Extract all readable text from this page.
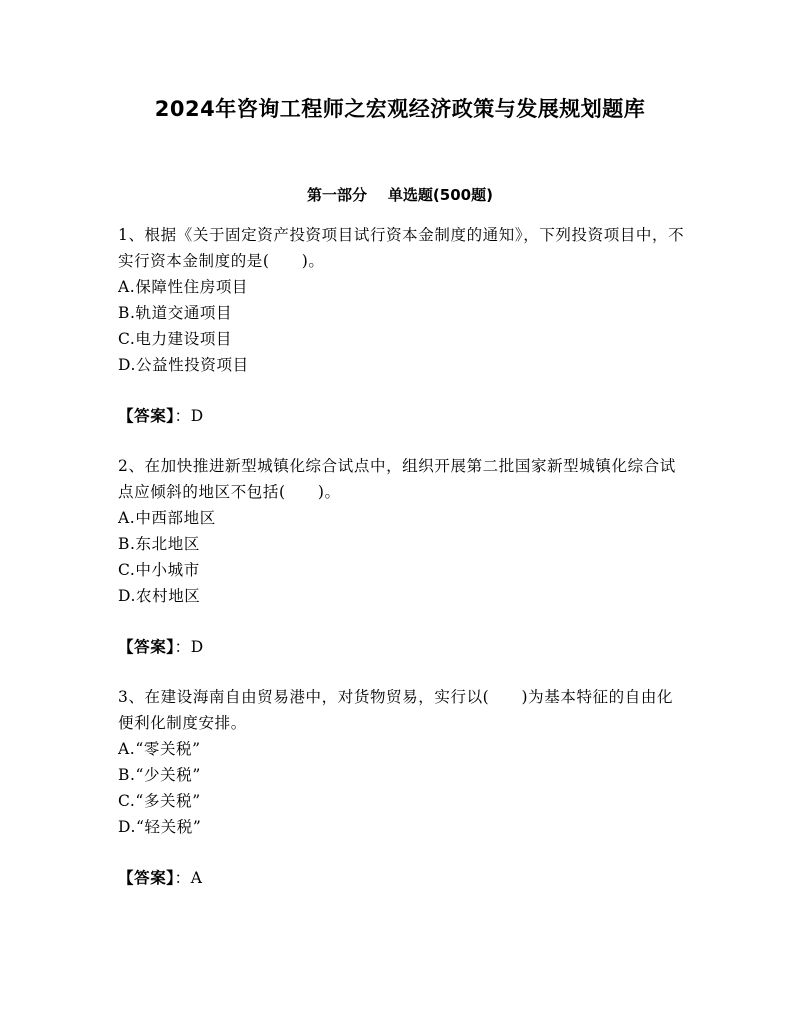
2024年咨询工程师之宏观经济政策与发展规划题库
第一部分    单选题(500题)

1、根据《关于固定资产投资项目试行资本金制度的通知》，下列投资项目中，不实行资本金制度的是(　　)。

A.保障性住房项目

B.轨道交通项目

C.电力建设项目

D.公益性投资项目

【答案】：D

2、在加快推进新型城镇化综合试点中，组织开展第二批国家新型城镇化综合试点应倾斜的地区不包括(　　)。

A.中西部地区

B.东北地区

C.中小城市

D.农村地区

【答案】：D

3、在建设海南自由贸易港中，对货物贸易，实行以(　　)为基本特征的自由化便利化制度安排。

A.“零关税”

B.“少关税”

C.“多关税”

D.“轻关税”

【答案】：A
